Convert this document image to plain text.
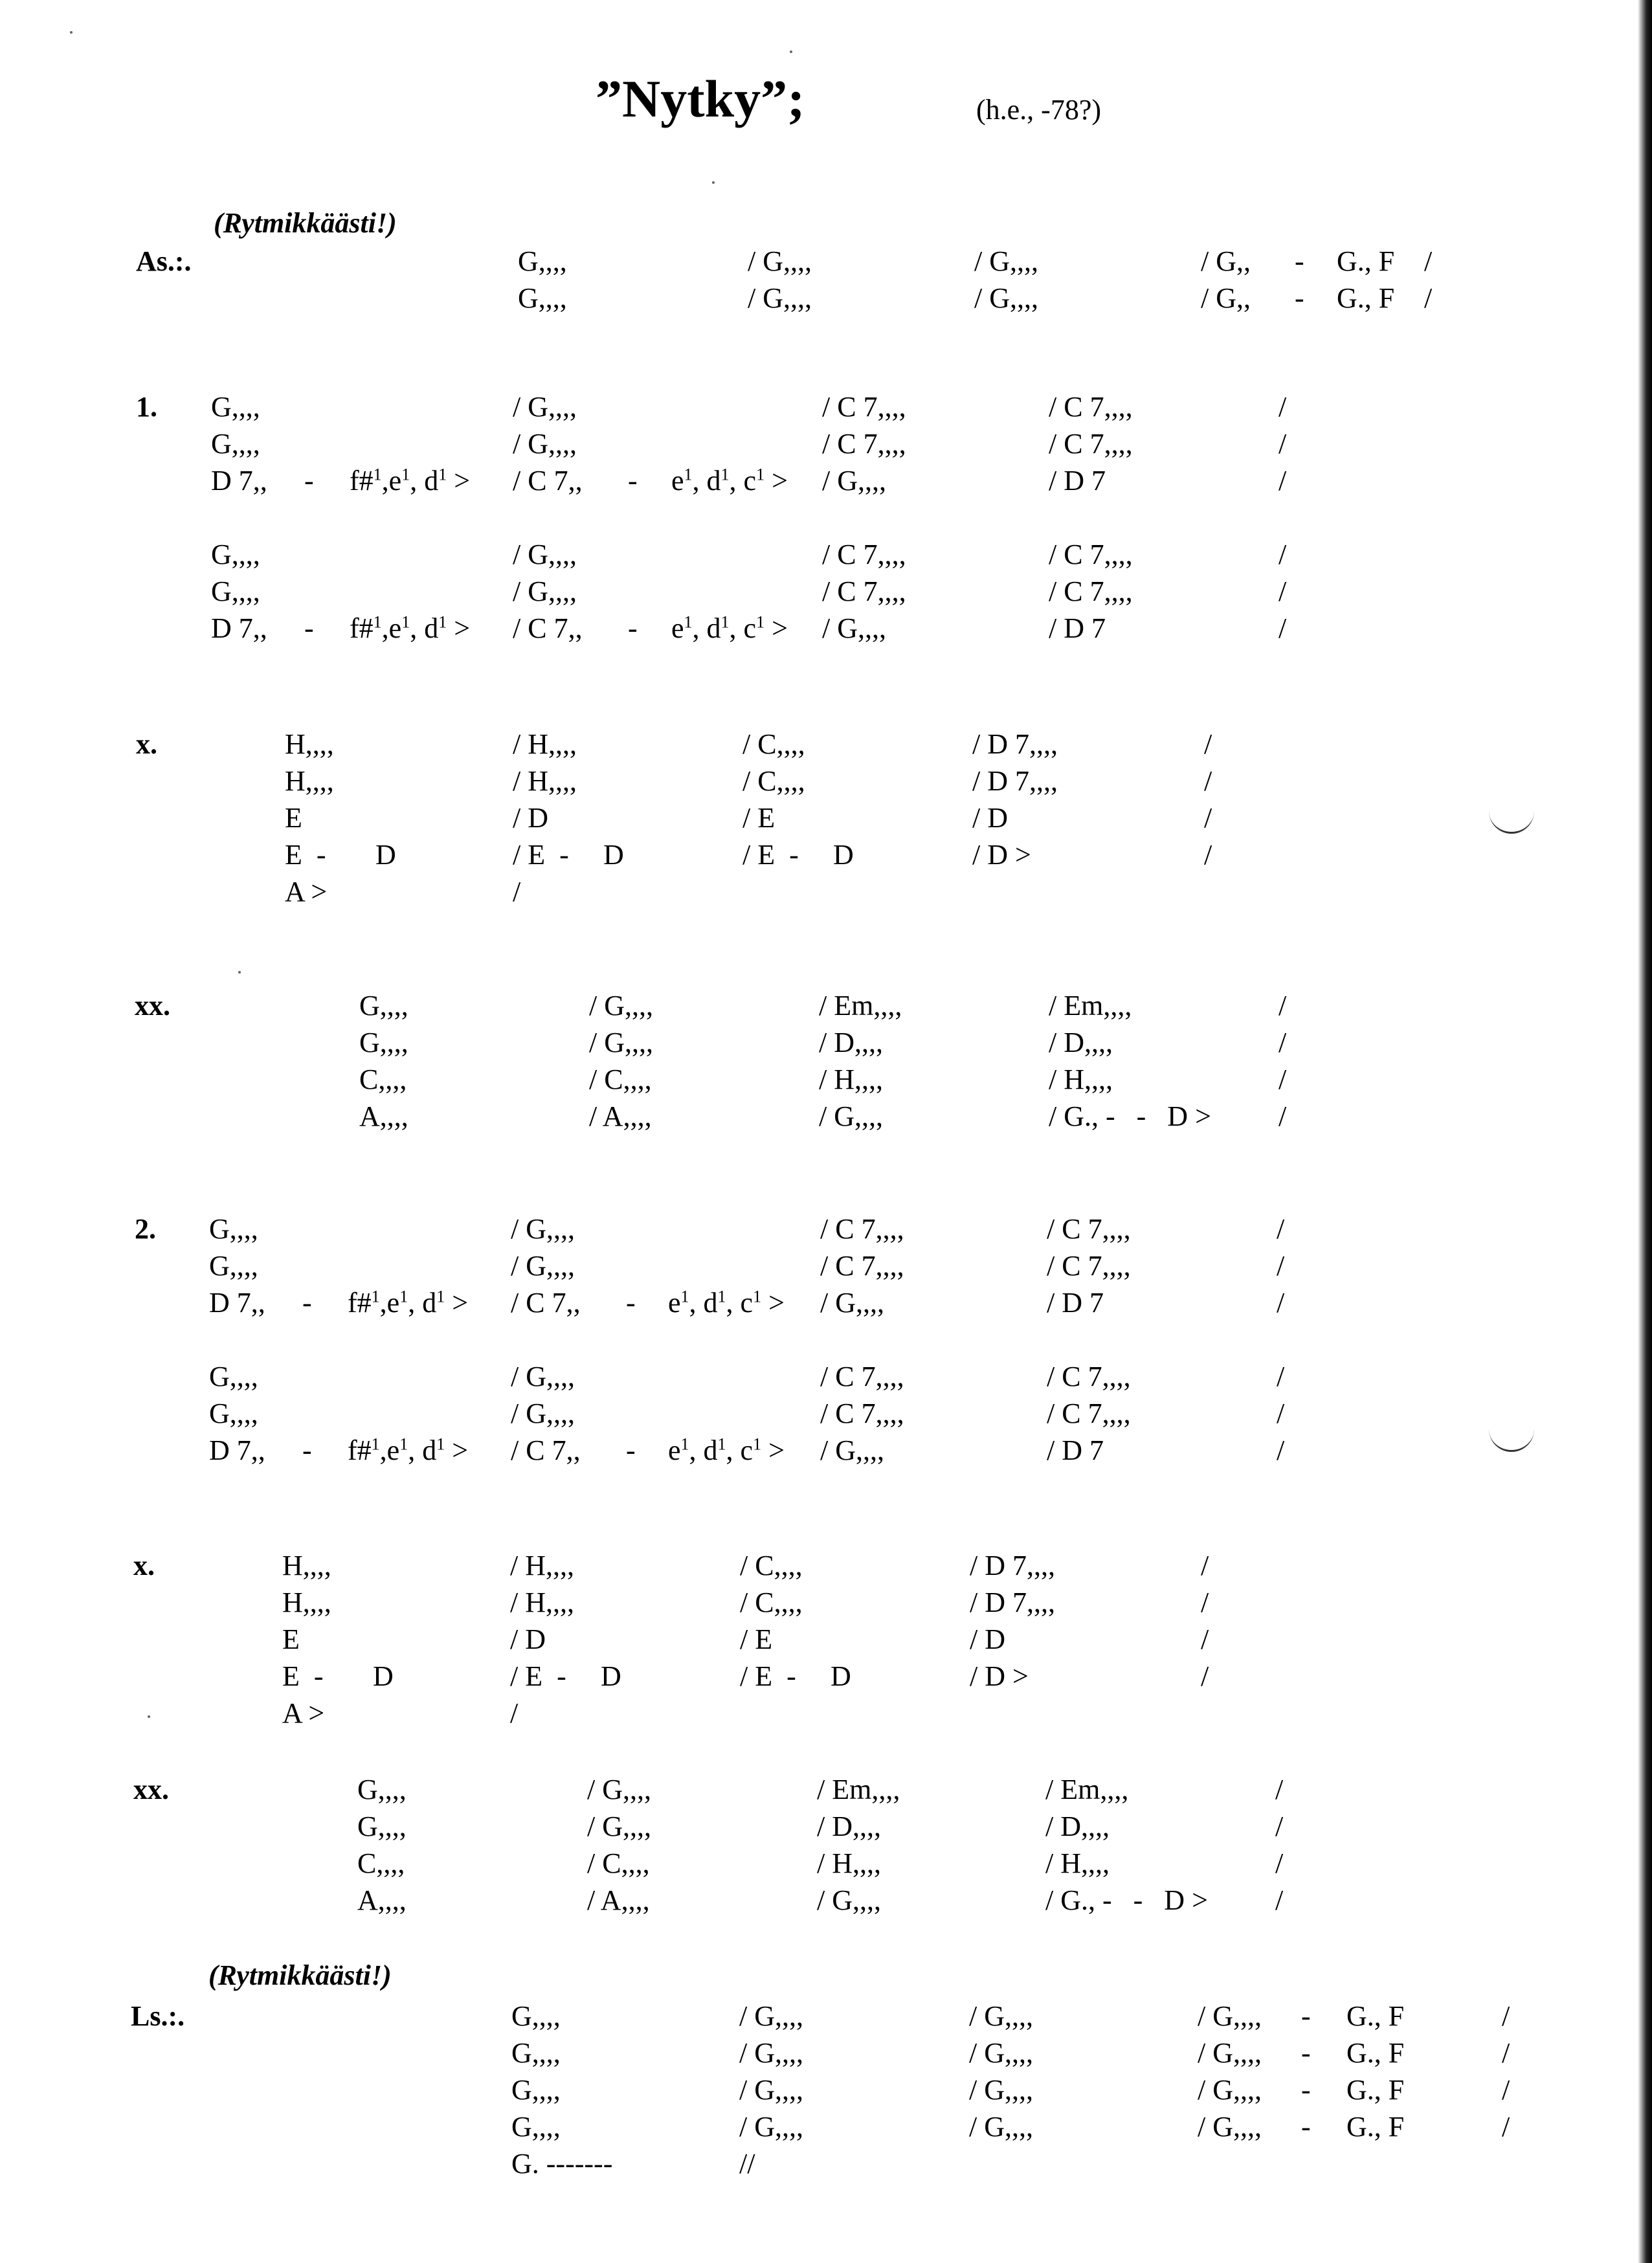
”Nytky”;	(h.e., -78?)
(Rytmikkäästi!)
As.:.	G,,,,	/ G,,,,	/ G,,,,	/ G,, - G., F /
G,,,,	/ G,,,,	/ G,,,,	/ G,, - G., F /
1. G,,,,	/ G,,,,	/ C 7,,,,	/ C 7,,,,	/
G,,,,	/ G,,,,	/ C 7,,,,	/ C 7,,,,	/
D 7,, - $f\#^1,e^1$, $d^1$ > / C 7,, - $e^1$, $d^1$, $c^1$ > / G,,,,	/ D 7	/
G,,,,	/ G,,,,	/ C 7,,,,	/ C 7,,,,	/
G,,,,	/ G,,,,	/ C 7,,,,	/ C 7,,,,	/
D 7,, - $f\#^1,e^1$, $d^1$ > / C 7,, - $e^1$, $d^1$, $c^1$ > / G,,,,	/ D 7	/
x.	H,,,,	/ H,,,,	/ C,,,,	/ D 7,,,,	/
H,,,,	/ H,,,,	/ C,,,,	/ D 7,,,,	/
E	/ D	/ E	/ D	/
E  - D	/ E  - D	/ E  - D	/ D >	/
A >	/
xx.	G,,,,	/ G,,,,	/ Em,,,,	/ Em,,,,	/
G,,,,	/ G,,,,	/ D,,,,	/ D,,,,	/
C,,,,	/ C,,,,	/ H,,,,	/ H,,,,	/
A,,,,	/ A,,,,	/ G,,,,	/ G., -   -   D > /
2. G,,,,	/ G,,,,	/ C 7,,,,	/ C 7,,,,	/
G,,,,	/ G,,,,	/ C 7,,,,	/ C 7,,,,	/
D 7,, - $f\#^1,e^1$, $d^1$ > / C 7,, - $e^1$, $d^1$, $c^1$ > / G,,,,	/ D 7	/
G,,,,	/ G,,,,	/ C 7,,,,	/ C 7,,,,	/
G,,,,	/ G,,,,	/ C 7,,,,	/ C 7,,,,	/
D 7,, - $f\#^1,e^1$, $d^1$ > / C 7,, - $e^1$, $d^1$, $c^1$ > / G,,,,	/ D 7	/
x.	H,,,,	/ H,,,,	/ C,,,,	/ D 7,,,,	/
H,,,,	/ H,,,,	/ C,,,,	/ D 7,,,,	/
E	/ D	/ E	/ D	/
E  - D	/ E  - D	/ E  - D	/ D >	/
A >	/
xx.	G,,,,	/ G,,,,	/ Em,,,,	/ Em,,,,	/
G,,,,	/ G,,,,	/ D,,,,	/ D,,,,	/
C,,,,	/ C,,,,	/ H,,,,	/ H,,,,	/
A,,,,	/ A,,,,	/ G,,,,	/ G., -   -   D > /
(Rytmikkäästi!)
Ls.:.	G,,,,	/ G,,,,	/ G,,,,	/ G,,,, - G., F	/
G,,,,	/ G,,,,	/ G,,,,	/ G,,,, - G., F	/
G,,,,	/ G,,,,	/ G,,,,	/ G,,,, - G., F	/
G,,,,	/ G,,,,	/ G,,,,	/ G,,,, - G., F	/
G. -------	//
